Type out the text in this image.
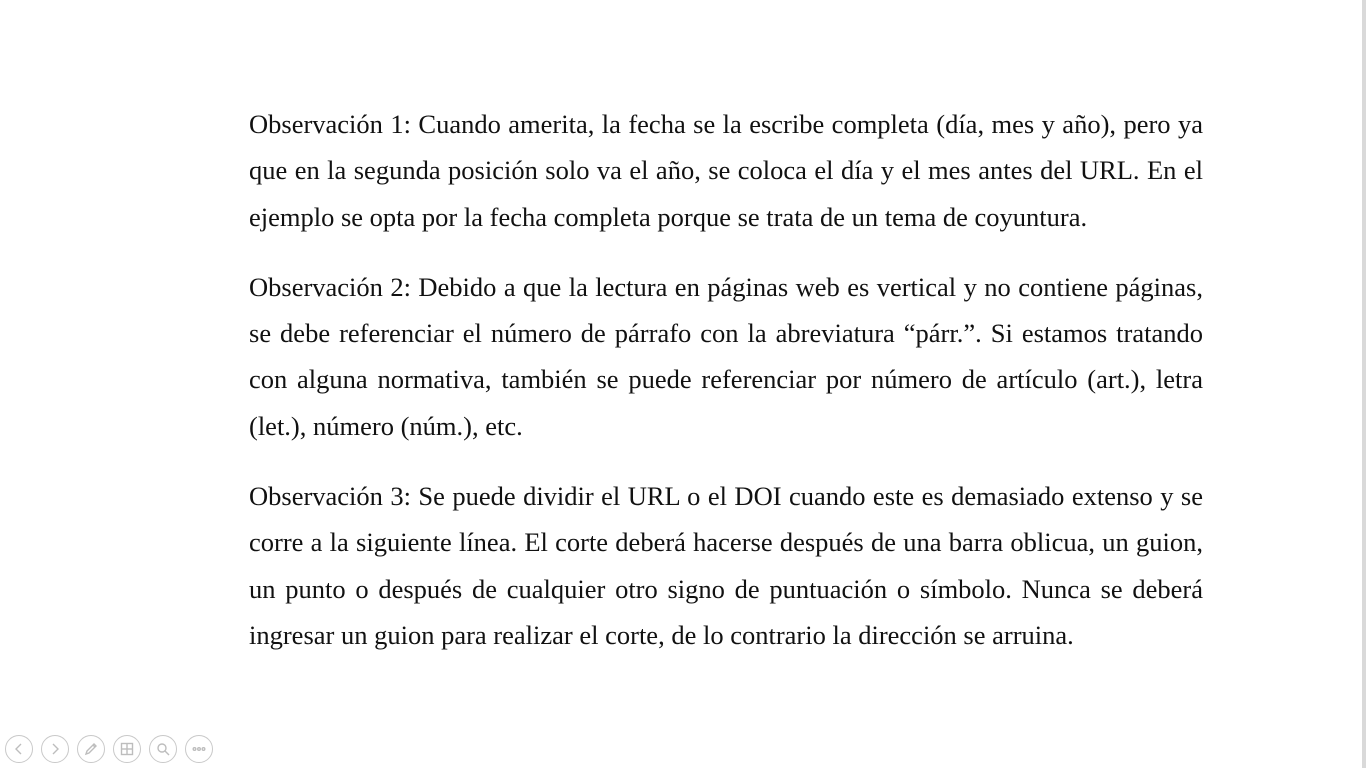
Observación 1: Cuando amerita, la fecha se la escribe completa (día, mes y año), pero ya
que en la segunda posición solo va el año, se coloca el día y el mes antes del URL. En el
ejemplo se opta por la fecha completa porque se trata de un tema de coyuntura.

Observación 2: Debido a que la lectura en páginas web es vertical y no contiene páginas,
se debe referenciar el número de párrafo con la abreviatura “párr.”. Si estamos tratando
con alguna normativa, también se puede referenciar por número de artículo (art.), letra
(let.), número (núm.), etc.

Observación 3: Se puede dividir el URL o el DOI cuando este es demasiado extenso y se
corre a la siguiente línea. El corte deberá hacerse después de una barra oblicua, un guion,
un punto o después de cualquier otro signo de puntuación o símbolo. Nunca se deberá
ingresar un guion para realizar el corte, de lo contrario la dirección se arruina.
